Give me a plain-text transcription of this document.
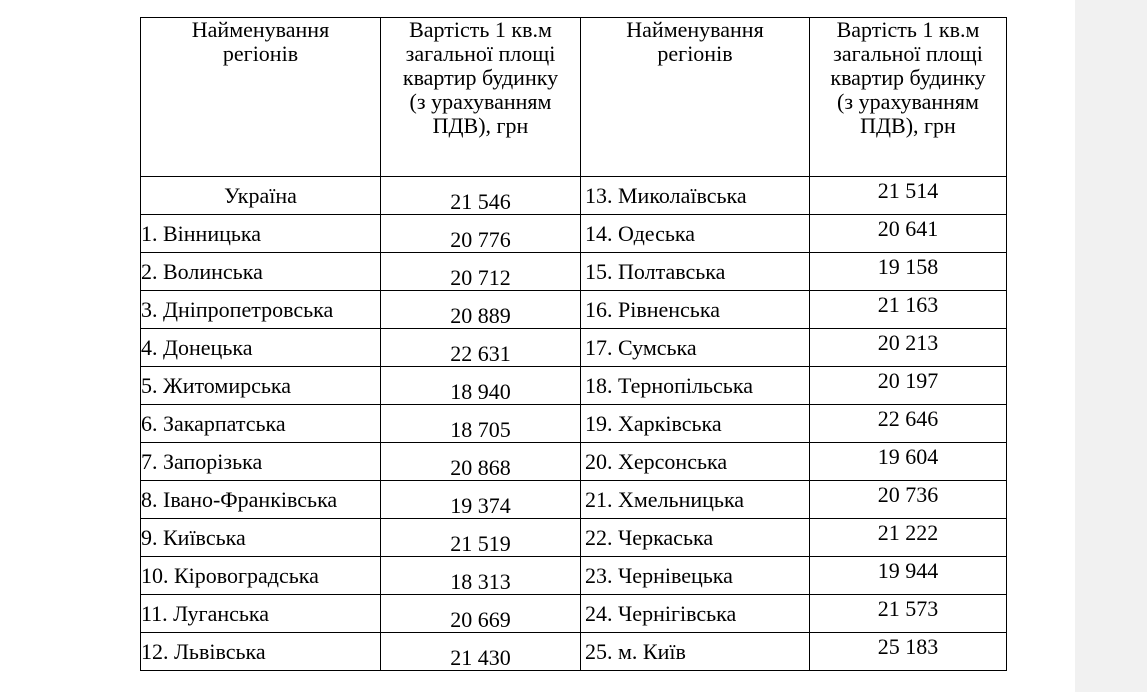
Найменування
регіонів	Вартість 1 кв.м
загальної площі
квартир будинку
(з урахуванням
ПДВ), грн	Найменування
регіонів	Вартість 1 кв.м
загальної площі
квартир будинку
(з урахуванням
ПДВ), грн

Україна	21 546	13. Миколаївська	21 514
1. Вінницька	20 776	14. Одеська	20 641
2. Волинська	20 712	15. Полтавська	19 158
3. Дніпропетровська	20 889	16. Рівненська	21 163
4. Донецька	22 631	17. Сумська	20 213
5. Житомирська	18 940	18. Тернопільська	20 197
6. Закарпатська	18 705	19. Харківська	22 646
7. Запорізька	20 868	20. Херсонська	19 604
8. Івано-Франківська	19 374	21. Хмельницька	20 736
9. Київська	21 519	22. Черкаська	21 222
10. Кіровоградська	18 313	23. Чернівецька	19 944
11. Луганська	20 669	24. Чернігівська	21 573
12. Львівська	21 430	25. м. Київ	25 183
